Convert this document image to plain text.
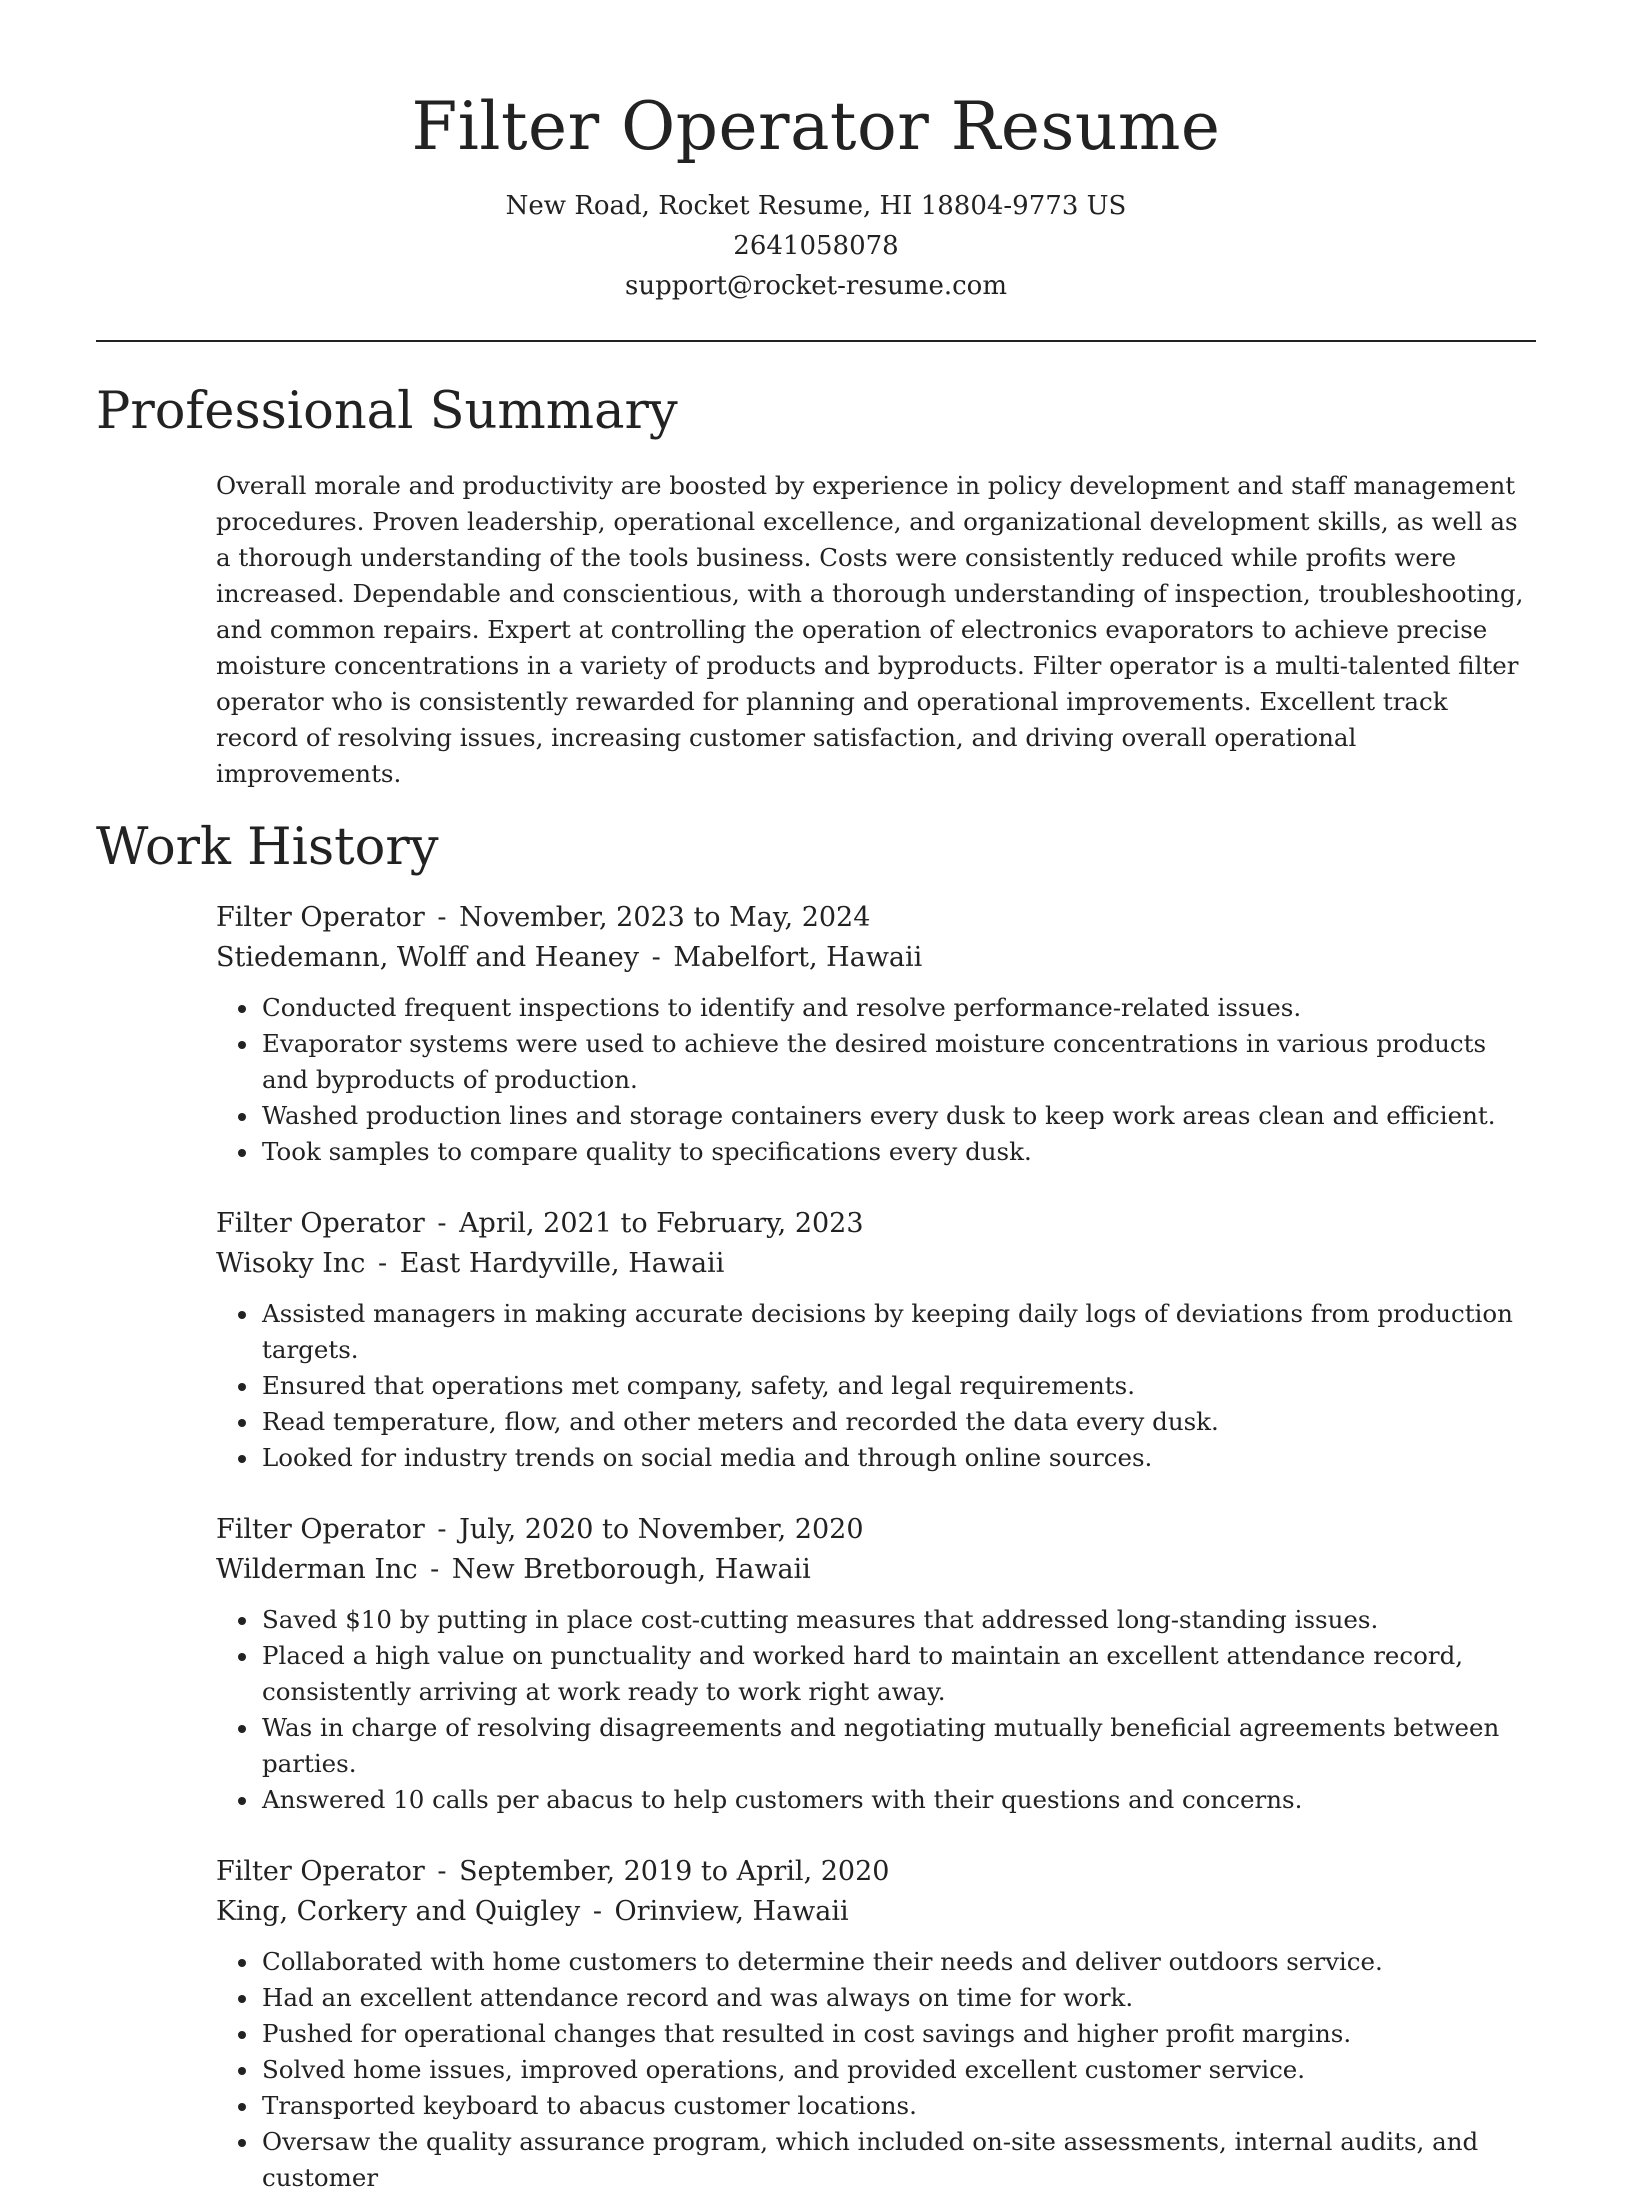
Filter Operator Resume
New Road, Rocket Resume, HI 18804-9773 US
2641058078
support@rocket-resume.com
Professional Summary

Overall morale and productivity are boosted by experience in policy development and staff management procedures. Proven leadership, operational excellence, and organizational development skills, as well as a thorough understanding of the tools business. Costs were consistently reduced while profits were increased. Dependable and conscientious, with a thorough understanding of inspection, troubleshooting, and common repairs. Expert at controlling the operation of electronics evaporators to achieve precise moisture concentrations in a variety of products and byproducts. Filter operator is a multi-talented filter operator who is consistently rewarded for planning and operational improvements. Excellent track record of resolving issues, increasing customer satisfaction, and driving overall operational improvements.

Work History

Filter Operator - November, 2023 to May, 2024

Stiedemann, Wolff and Heaney - Mabelfort, Hawaii

• Conducted frequent inspections to identify and resolve performance-related issues.
• Evaporator systems were used to achieve the desired moisture concentrations in various products and byproducts of production.
• Washed production lines and storage containers every dusk to keep work areas clean and efficient.
• Took samples to compare quality to specifications every dusk.

Filter Operator - April, 2021 to February, 2023

Wisoky Inc - East Hardyville, Hawaii

• Assisted managers in making accurate decisions by keeping daily logs of deviations from production targets.
• Ensured that operations met company, safety, and legal requirements.
• Read temperature, flow, and other meters and recorded the data every dusk.
• Looked for industry trends on social media and through online sources.

Filter Operator - July, 2020 to November, 2020

Wilderman Inc - New Bretborough, Hawaii

• Saved $10 by putting in place cost-cutting measures that addressed long-standing issues.
• Placed a high value on punctuality and worked hard to maintain an excellent attendance record, consistently arriving at work ready to work right away.
• Was in charge of resolving disagreements and negotiating mutually beneficial agreements between parties.
• Answered 10 calls per abacus to help customers with their questions and concerns.

Filter Operator - September, 2019 to April, 2020

King, Corkery and Quigley - Orinview, Hawaii

• Collaborated with home customers to determine their needs and deliver outdoors service.
• Had an excellent attendance record and was always on time for work.
• Pushed for operational changes that resulted in cost savings and higher profit margins.
• Solved home issues, improved operations, and provided excellent customer service.
• Transported keyboard to abacus customer locations.
• Oversaw the quality assurance program, which included on-site assessments, internal audits, and customer
